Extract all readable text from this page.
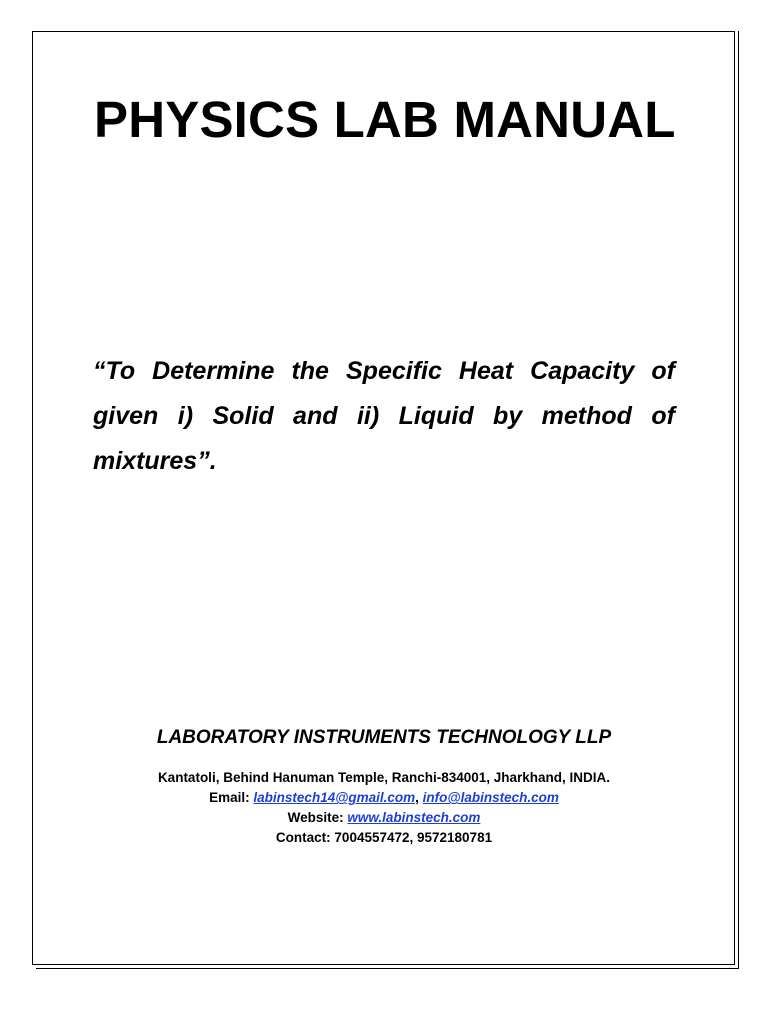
PHYSICS LAB MANUAL

“To Determine the Specific Heat Capacity of given i) Solid and ii) Liquid by method of mixtures”.

LABORATORY INSTRUMENTS TECHNOLOGY LLP
Kantatoli, Behind Hanuman Temple, Ranchi-834001, Jharkhand, INDIA.
Email: labinstech14@gmail.com, info@labinstech.com
Website: www.labinstech.com
Contact: 7004557472, 9572180781
